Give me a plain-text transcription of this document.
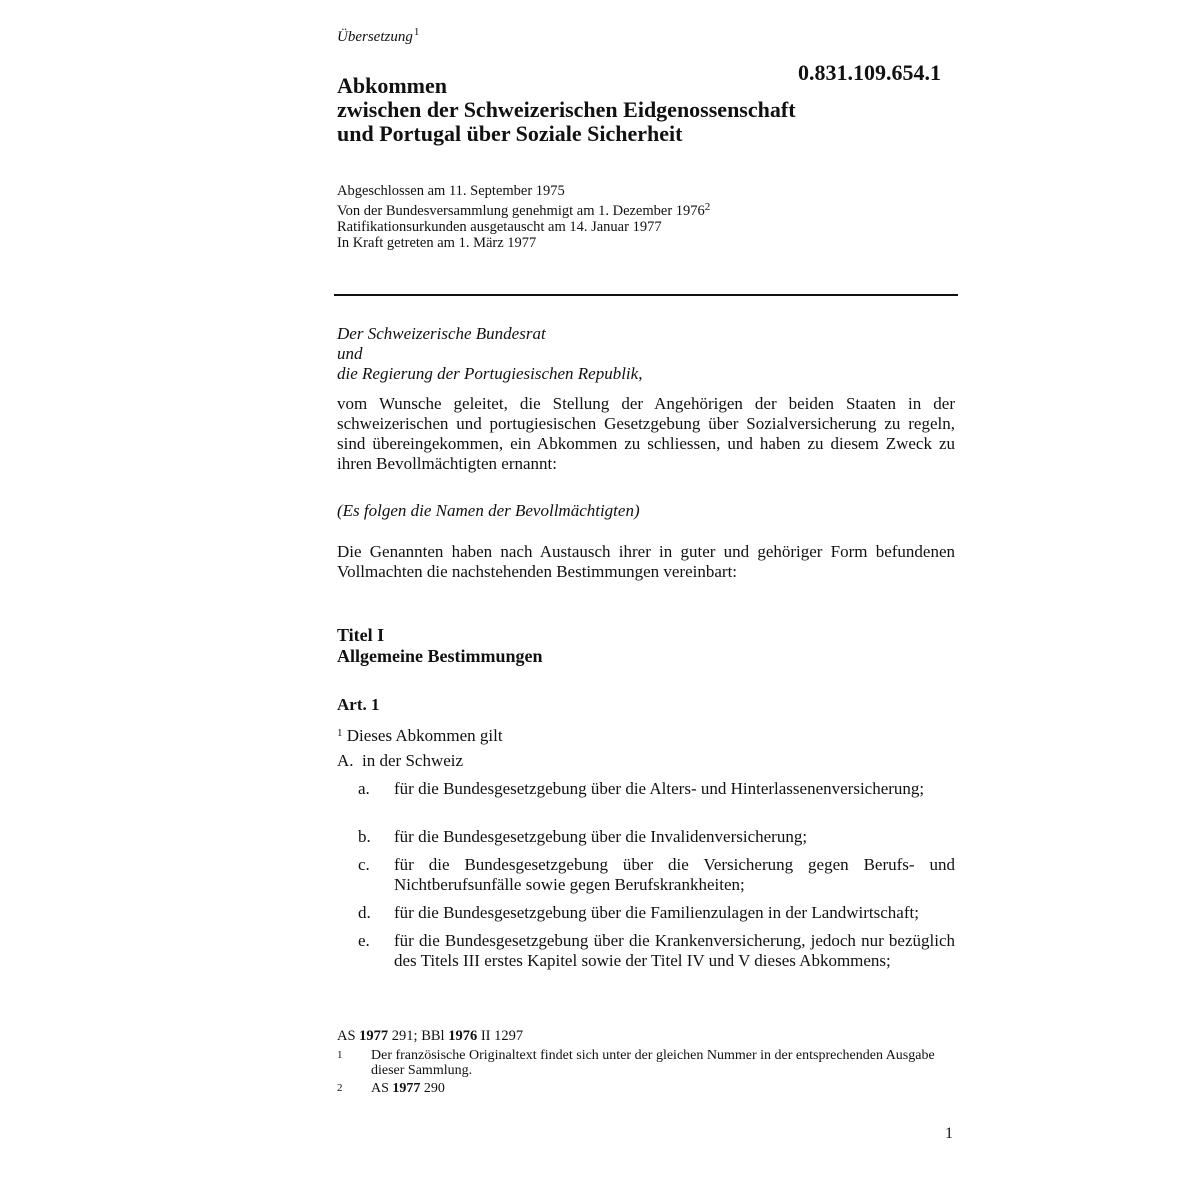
Übersetzung$^1$
0.831.109.654.1
Abkommen
zwischen der Schweizerischen Eidgenossenschaft
und Portugal über Soziale Sicherheit
Abgeschlossen am 11. September 1975
Von der Bundesversammlung genehmigt am 1. Dezember 1976$^2$
Ratifikationsurkunden ausgetauscht am 14. Januar 1977
In Kraft getreten am 1. März 1977
Der Schweizerische Bundesrat
und
die Regierung der Portugiesischen Republik,
vom Wunsche geleitet, die Stellung der Angehörigen der beiden Staaten in der schweizerischen und portugiesischen Gesetzgebung über Sozialversicherung zu regeln, sind übereingekommen, ein Abkommen zu schliessen, und haben zu diesem Zweck zu ihren Bevollmächtigten ernannt:
(Es folgen die Namen der Bevollmächtigten)
Die Genannten haben nach Austausch ihrer in guter und gehöriger Form befundenen Vollmachten die nachstehenden Bestimmungen vereinbart:
Titel I
Allgemeine Bestimmungen
Art. 1
$^1$ Dieses Abkommen gilt
A.  in der Schweiz
a. für die Bundesgesetzgebung über die Alters- und Hinterlassenenversicherung;
b. für die Bundesgesetzgebung über die Invalidenversicherung;
c. für die Bundesgesetzgebung über die Versicherung gegen Berufs- und Nichtberufsunfälle sowie gegen Berufskrankheiten;
d. für die Bundesgesetzgebung über die Familienzulagen in der Landwirtschaft;
e. für die Bundesgesetzgebung über die Krankenversicherung, jedoch nur bezüglich des Titels III erstes Kapitel sowie der Titel IV und V dieses Abkommens;
AS 1977 291; BBl 1976 II 1297
1 Der französische Originaltext findet sich unter der gleichen Nummer in der entsprechenden Ausgabe dieser Sammlung.
2 AS 1977 290
1
